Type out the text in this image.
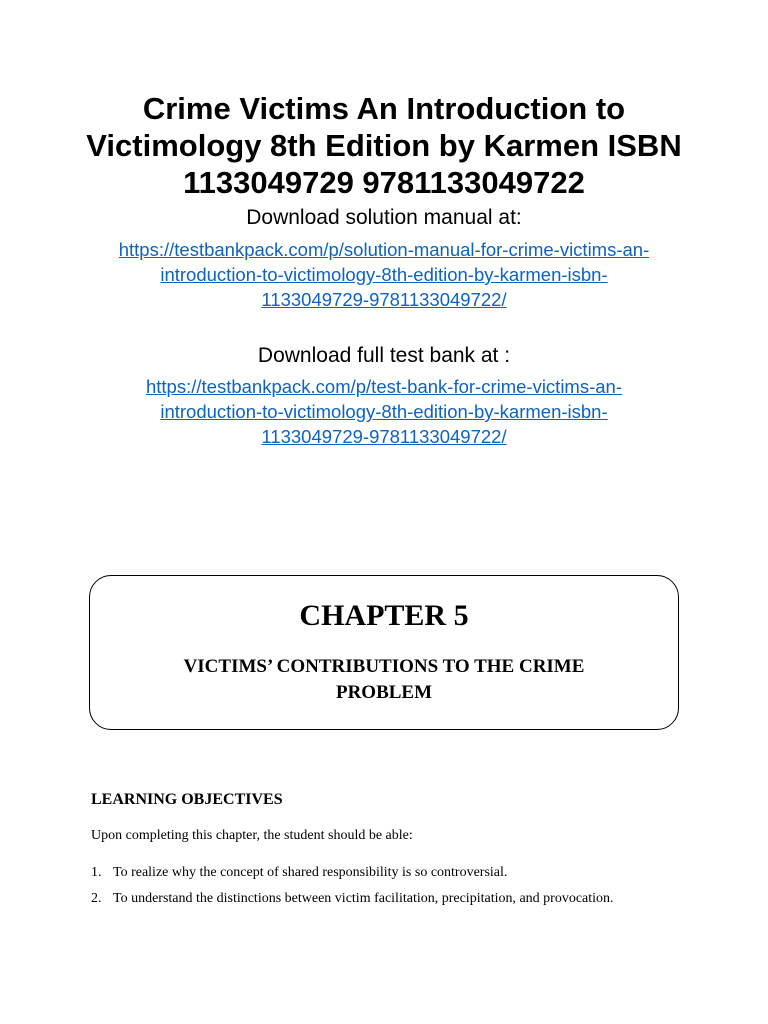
Crime Victims An Introduction to
Victimology 8th Edition by Karmen ISBN
1133049729 9781133049722

Download solution manual at:

https://testbankpack.com/p/solution-manual-for-crime-victims-an-
introduction-to-victimology-8th-edition-by-karmen-isbn-
1133049729-9781133049722/

Download full test bank at :

https://testbankpack.com/p/test-bank-for-crime-victims-an-
introduction-to-victimology-8th-edition-by-karmen-isbn-
1133049729-9781133049722/
CHAPTER 5
VICTIMS’ CONTRIBUTIONS TO THE CRIME
PROBLEM
LEARNING OBJECTIVES

Upon completing this chapter, the student should be able:

1. To realize why the concept of shared responsibility is so controversial.
2. To understand the distinctions between victim facilitation, precipitation, and provocation.
